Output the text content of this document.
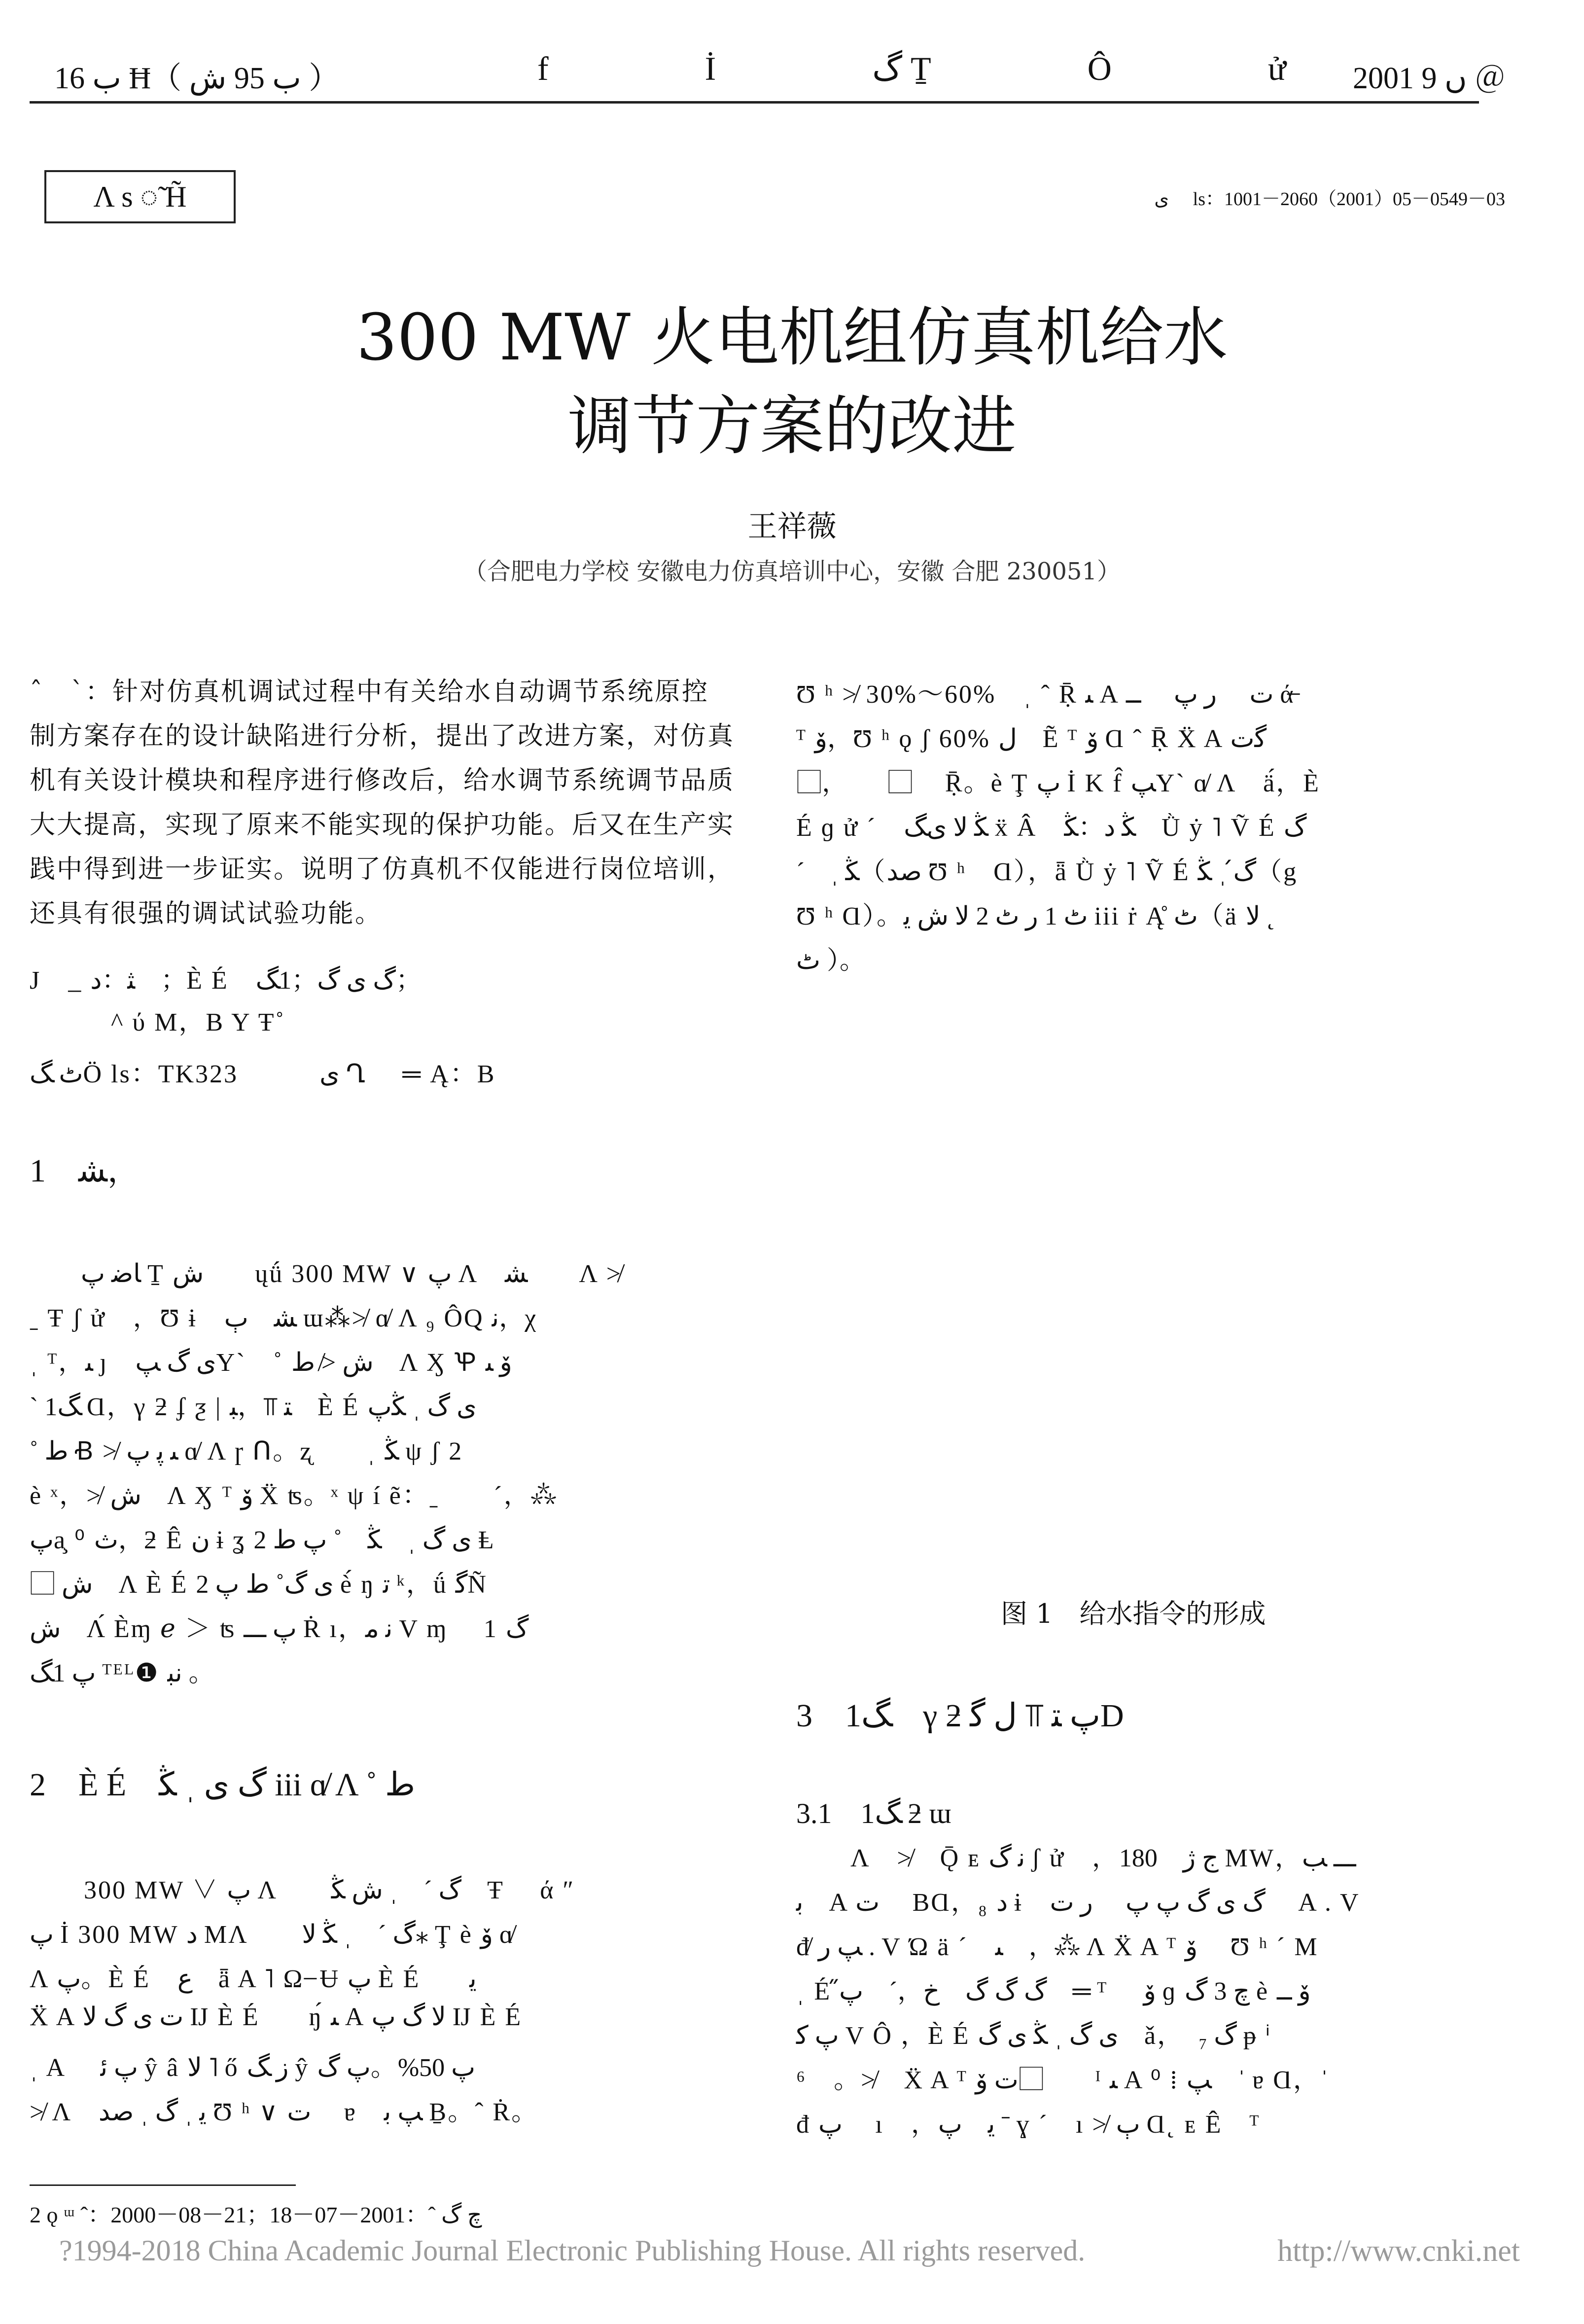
ب 16 Ħ（ ب 95 ﺵ ）	f İ گ Ṯ Ô ử
2001 ں 9 ＠
Λ s ◌̃ H̃	ی ⃞ ls：1001－2060（2001）05－0549－03
300 MW 火电机组仿真机给水
调节方案的改进
王祥薇
（合肥电力学校 安徽电力仿真培训中心，安徽 合肥 230051）
ˆ　ˋ：针对仿真机调试过程中有关给水自动调节系统原控
制方案存在的设计缺陷进行分析，提出了改进方案，对仿真
机有关设计模块和程序进行修改后，给水调节系统调节品质
大大提高，实现了原来不能实现的保护功能。后又在生产实
践中得到进一步证实。说明了仿真机不仅能进行岗位培训，
还具有很强的调试试验功能。
J　_ ﺜ：ﺩ　；È É　گ ﯼ گ；1ﮓ；
　　　^ ύ M，B Y Ŧ˚
ٹ ﮓÖ ls：TK323　　　ﯼ Ղ ⃞ ═ Ą：B
1　ﺸ，
　　ﺎﺿ ﭖ Ṯ ﺵ　　ųǘ 300 MW ∨ ﭖ Λ　ﺸ　　Λ ≯
ˍ Ŧ ʃ ử　，Ʊ ɨ　ﺸ　ٻ ɯ⁂≯ ɑ̸ Λ ₉ ÔQ ﻧ，χ
ˌ ᵀ，ﯩ ȷ　ﯼ گ ﭗY`　˚ ﺵ ≯ ط　Λ Ӽ Ꝕ ﯙ ﯩ
ˋ 1ﮓ Ɑ，γ ƻ ʄ ƺ | ﺘ ⫪，ﺒ　È É ﯼ گ ˌ ﯖﭖ
˚ ط Ꞗ ≯ ﯩ ﭘ ﭖ ɑ̸ Λ ɼ Ո。ʐ　　ˌ ﯖ ψ ʃ 2
è ˣ，≯ ﺵ　Λ Ӽ ᵀ ﯙ Ẍ ʦ。ˣ ψ í ẽ：ˍ　　ˊ，⁂
ﭖa̧ ⁰ ﺙ，ƻ Ê ﻥ ɨ ʓ ﯼ گ ˌ　ﯖ　˚ ﭖ ط 2 Ⱡ
⃞ ﺵ　Λ È É ﯼ گ˚ ط ﭖ 2 è́ ŋ ﺗ ᵏ，ǘ ﮔÑ
ﺵ　Λ́ Èɱ ℯ ＞ ʦ ﭖ ـــ Ṙ ı，ﻧ ﻣ V ɱ ⃞ 1 ﮒ
ﭖ 1ﮓ ᵀᴱᴸ❶ ﻧﺒ 。
2　È É　گ ﯼ ˌ ﯖ iii ɑ̸ Λ ˚ ط
　　300 MW ∨ ﭖ Λ　　گ ˊ　ˌ ﺵ ﯖ　Ŧ ⃞ ά ″
ﭖ İ 300 MW ﺩ MΛ　　گ ˊ　ˌ ﯖ ﻻ⁎ Ţ è ﯙ ɑ̸
Λ ﭖ。È É　ﻉ　ǟ A ˥ Ω ̶ Ʉ ﭖ È É ⃞，ﻳ
Ẍ A ﺕ ﯼ گ ﻻ Ĳ È É ⃞，ŋ́ ﯩ A ﻻ گ ﭖ Ĳ È É ⃞，
ˌ A ⃞ ﭖ ﺋ ŷ â ﻻ ˥ ő ﺯ ﮓ ŷ ﭖ 50%。ﭖ گ ⃞
≯ Λ　ﻳ ˌ گ ˌ ﺻﺪ Ʊ ʰ ∨ ﺕ ⃞ ɐ　ﭗ ﺑ Ḇ。ˆ Ṙ。
Ʊ ʰ ≯ 30%～60%　ˌ ˆ Ṝ ﯩ A ﺕ ⃞ ﺭ ﭖ ⃞ ــ ά̶
ᵀ ﯙ，Ʊ ʰ ǫ ʃ 60% ﻝ　Ẽ ᵀ ﯙ Ɑ ˆ Ṝ Ẍ A ﮔﺕ
⃞，ﭖ⃞　⃞ Ṝ。è Ţ ﭖ İ K f̂ ﭗY` ɑ̸ Λ　ä́，È
É ɡ ử ˊ　ﯖ ﻻ ﯼﮓ ẍ Â　ﯖ ﺩ：ﯖ　Ǜ ẏ ˥ Ṽ É ﮒ
ˊ　ˌ ﯖ（ﺻﺪ Ʊ ʰ　Ɑ），ǟ Ǜ ẏ ˥ Ṽ É ﮒ́ ˌ ﯖ（g
Ʊ ʰ Ɑ）。ٹ 1 ﺭ ٹ 2 ﻻ ﺵ ﻳ iii ṙ Ą̊ ٹ（ä ﻻ ˛
ٹ ）。
图 1　给水指令的形成
3　ﮓ1　γ ƻ ﭖ ﺘ ⫪ ﻝ ﮔD
3.1　ﮓ1 ƻ ɯ
　　Λ　≯　Ǭ ᴇ ﻧ گ ʃ ử　，ﺝ ﮊ　180 MW，ـــ ﺐ
ﺑ　A ﺕ ⃞ BⱭ，₈ ﺩ ɨ　گ ﯼ گ ﭖ ﭖ ⃞ ﺭ ﺕ ⃞ A . V
đ̸ ﭗ ﺭ . V Ώ ä ˊ　ﯩ　，⁂ Λ Ẍ A ᵀ ﯙ ⃞ Ʊ ʰ ˊ M
ˌ É ﮒ گ گ　ﺥ，ˊ　ﭖ̋　═ ᵀ ⃞ ﯙ ɡ ﭺ 3 ﮒ è ﯙ ــ ⃞
ﭖ ﮐ V Ô ，È É ﯼ گ ˌ ﯖ ﯼ گ　ǎ，　گ ₇ ᵽ ⁱ
⁶　。≯　Ẍ A ᵀ ﺕ ﯙ　⃞　ᴵ ﯩ A ⁰ ⁞ ﭗ　ˈ ɐ Ɑ，ˈ
đ ﭖ ⃞ ı　，ﻳ　ﭖ ˉ ɣ ˊ　ı ≯ ٻ Ɑ˛ ᴇ Ê　ᵀ
2 ǫ ᵚ ˆ：2000－08－21；ﭺ گ ˆ：2001－07－18
?1994-2018 China Academic Journal Electronic Publishing House. All rights reserved.	http://www.cnki.net
